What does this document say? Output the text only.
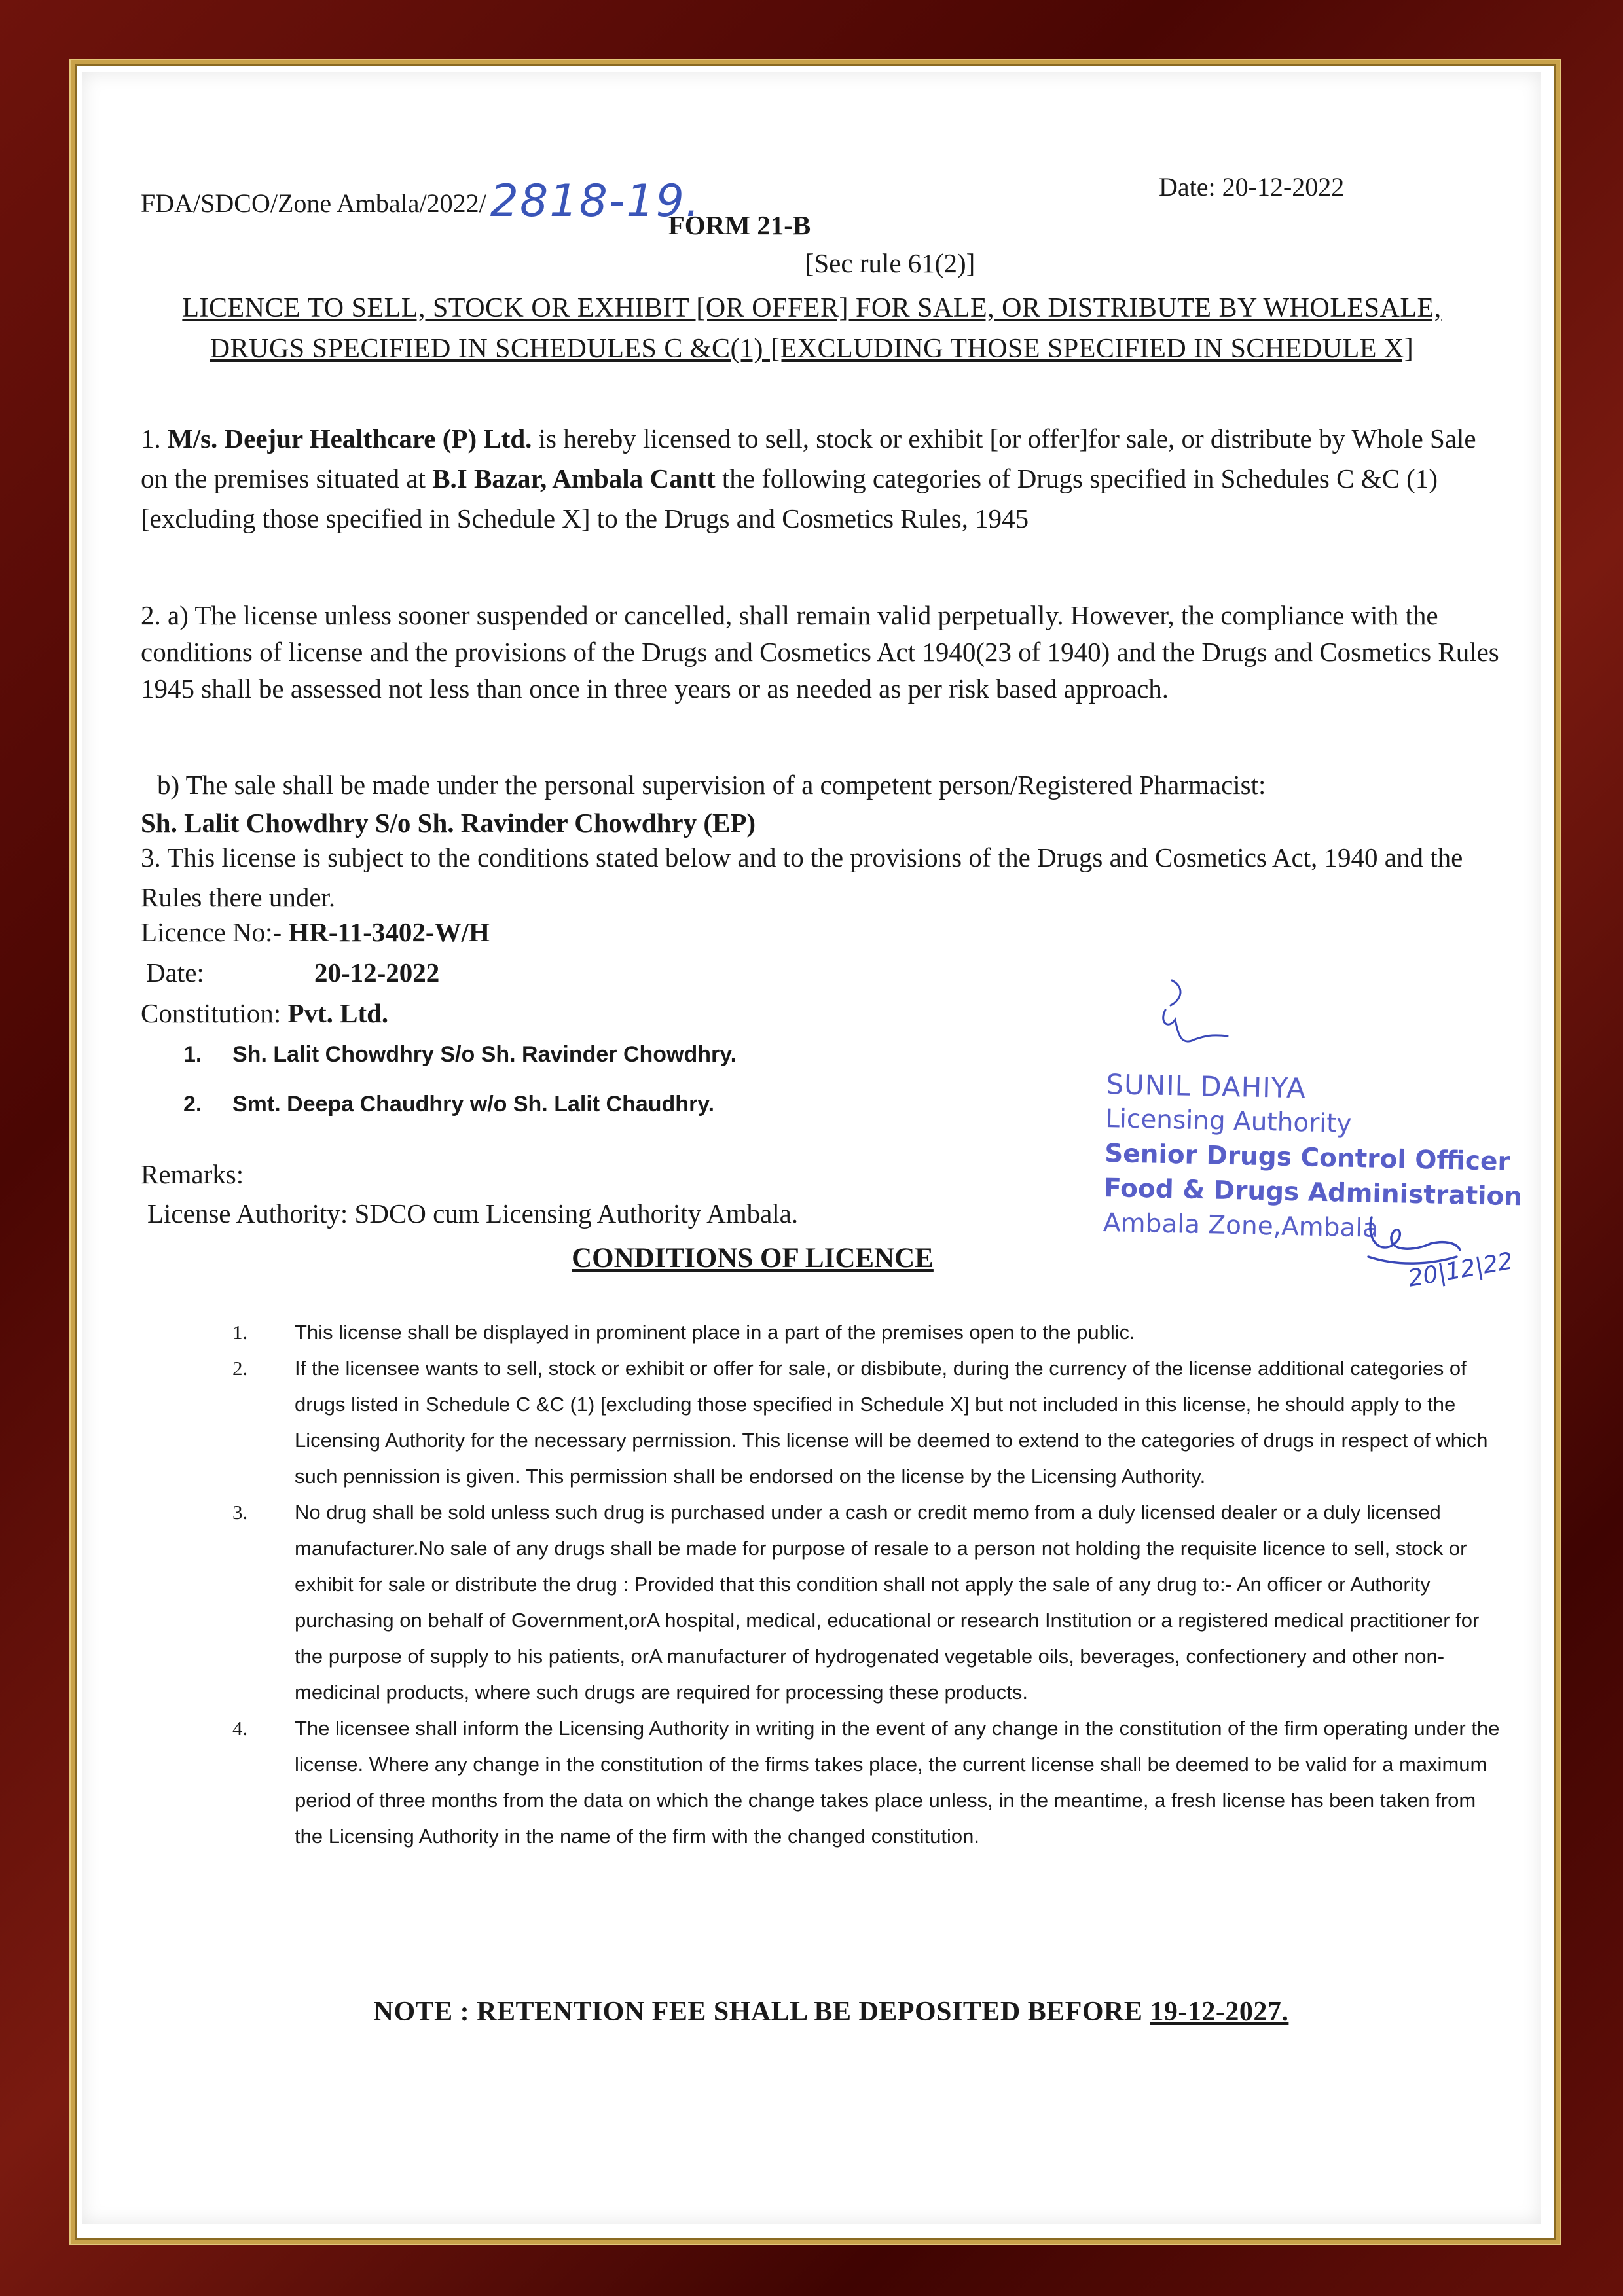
FDA/SDCO/Zone Ambala/2022/2818-19.	Date: 20-12-2022
FORM 21-B
[Sec rule 61(2)]
LICENCE TO SELL, STOCK OR EXHIBIT [OR OFFER] FOR SALE, OR DISTRIBUTE BY WHOLESALE, DRUGS SPECIFIED IN SCHEDULES C &C(1) [EXCLUDING THOSE SPECIFIED IN SCHEDULE X]
1. M/s. Deejur Healthcare (P) Ltd. is hereby licensed to sell, stock or exhibit [or offer]for sale, or distribute by Whole Sale on the premises situated at B.I Bazar, Ambala Cantt the following categories of Drugs specified in Schedules C &C (1) [excluding those specified in Schedule X] to the Drugs and Cosmetics Rules, 1945
2. a) The license unless sooner suspended or cancelled, shall remain valid perpetually. However, the compliance with the conditions of license and the provisions of the Drugs and Cosmetics Act 1940(23 of 1940) and the Drugs and Cosmetics Rules 1945 shall be assessed not less than once in three years or as needed as per risk based approach.
b) The sale shall be made under the personal supervision of a competent person/Registered Pharmacist:
Sh. Lalit Chowdhry S/o Sh. Ravinder Chowdhry (EP)
3. This license is subject to the conditions stated below and to the provisions of the Drugs and Cosmetics Act, 1940 and the Rules there under.
Licence No:- HR-11-3402-W/H
Date:	20-12-2022
Constitution: Pvt. Ltd.
1. Sh. Lalit Chowdhry S/o Sh. Ravinder Chowdhry.
2. Smt. Deepa Chaudhry w/o Sh. Lalit Chaudhry.
Remarks:
License Authority: SDCO cum Licensing Authority Ambala.
SUNIL DAHIYA
Licensing Authority
Senior Drugs Control Officer
Food & Drugs Administration
Ambala Zone,Ambala
20|12|22
CONDITIONS OF LICENCE
1. This license shall be displayed in prominent place in a part of the premises open to the public.
2. If the licensee wants to sell, stock or exhibit or offer for sale, or disbibute, during the currency of the license additional categories of drugs listed in Schedule C &C (1) [excluding those specified in Schedule X] but not included in this license, he should apply to the Licensing Authority for the necessary perrnission. This license will be deemed to extend to the categories of drugs in respect of which such pennission is given. This permission shall be endorsed on the license by the Licensing Authority.
3. No drug shall be sold unless such drug is purchased under a cash or credit memo from a duly licensed dealer or a duly licensed manufacturer.No sale of any drugs shall be made for purpose of resale to a person not holding the requisite licence to sell, stock or exhibit for sale or distribute the drug : Provided that this condition shall not apply the sale of any drug to:- An officer or Authority purchasing on behalf of Government,orA hospital, medical, educational or research Institution or a registered medical practitioner for the purpose of supply to his patients, orA manufacturer of hydrogenated vegetable oils, beverages, confectionery and other non-medicinal products, where such drugs are required for processing these products.
4. The licensee shall inform the Licensing Authority in writing in the event of any change in the constitution of the firm operating under the license. Where any change in the constitution of the firms takes place, the current license shall be deemed to be valid for a maximum period of three months from the data on which the change takes place unless, in the meantime, a fresh license has been taken from the Licensing Authority in the name of the firm with the changed constitution.
NOTE : RETENTION FEE SHALL BE DEPOSITED BEFORE 19-12-2027.
